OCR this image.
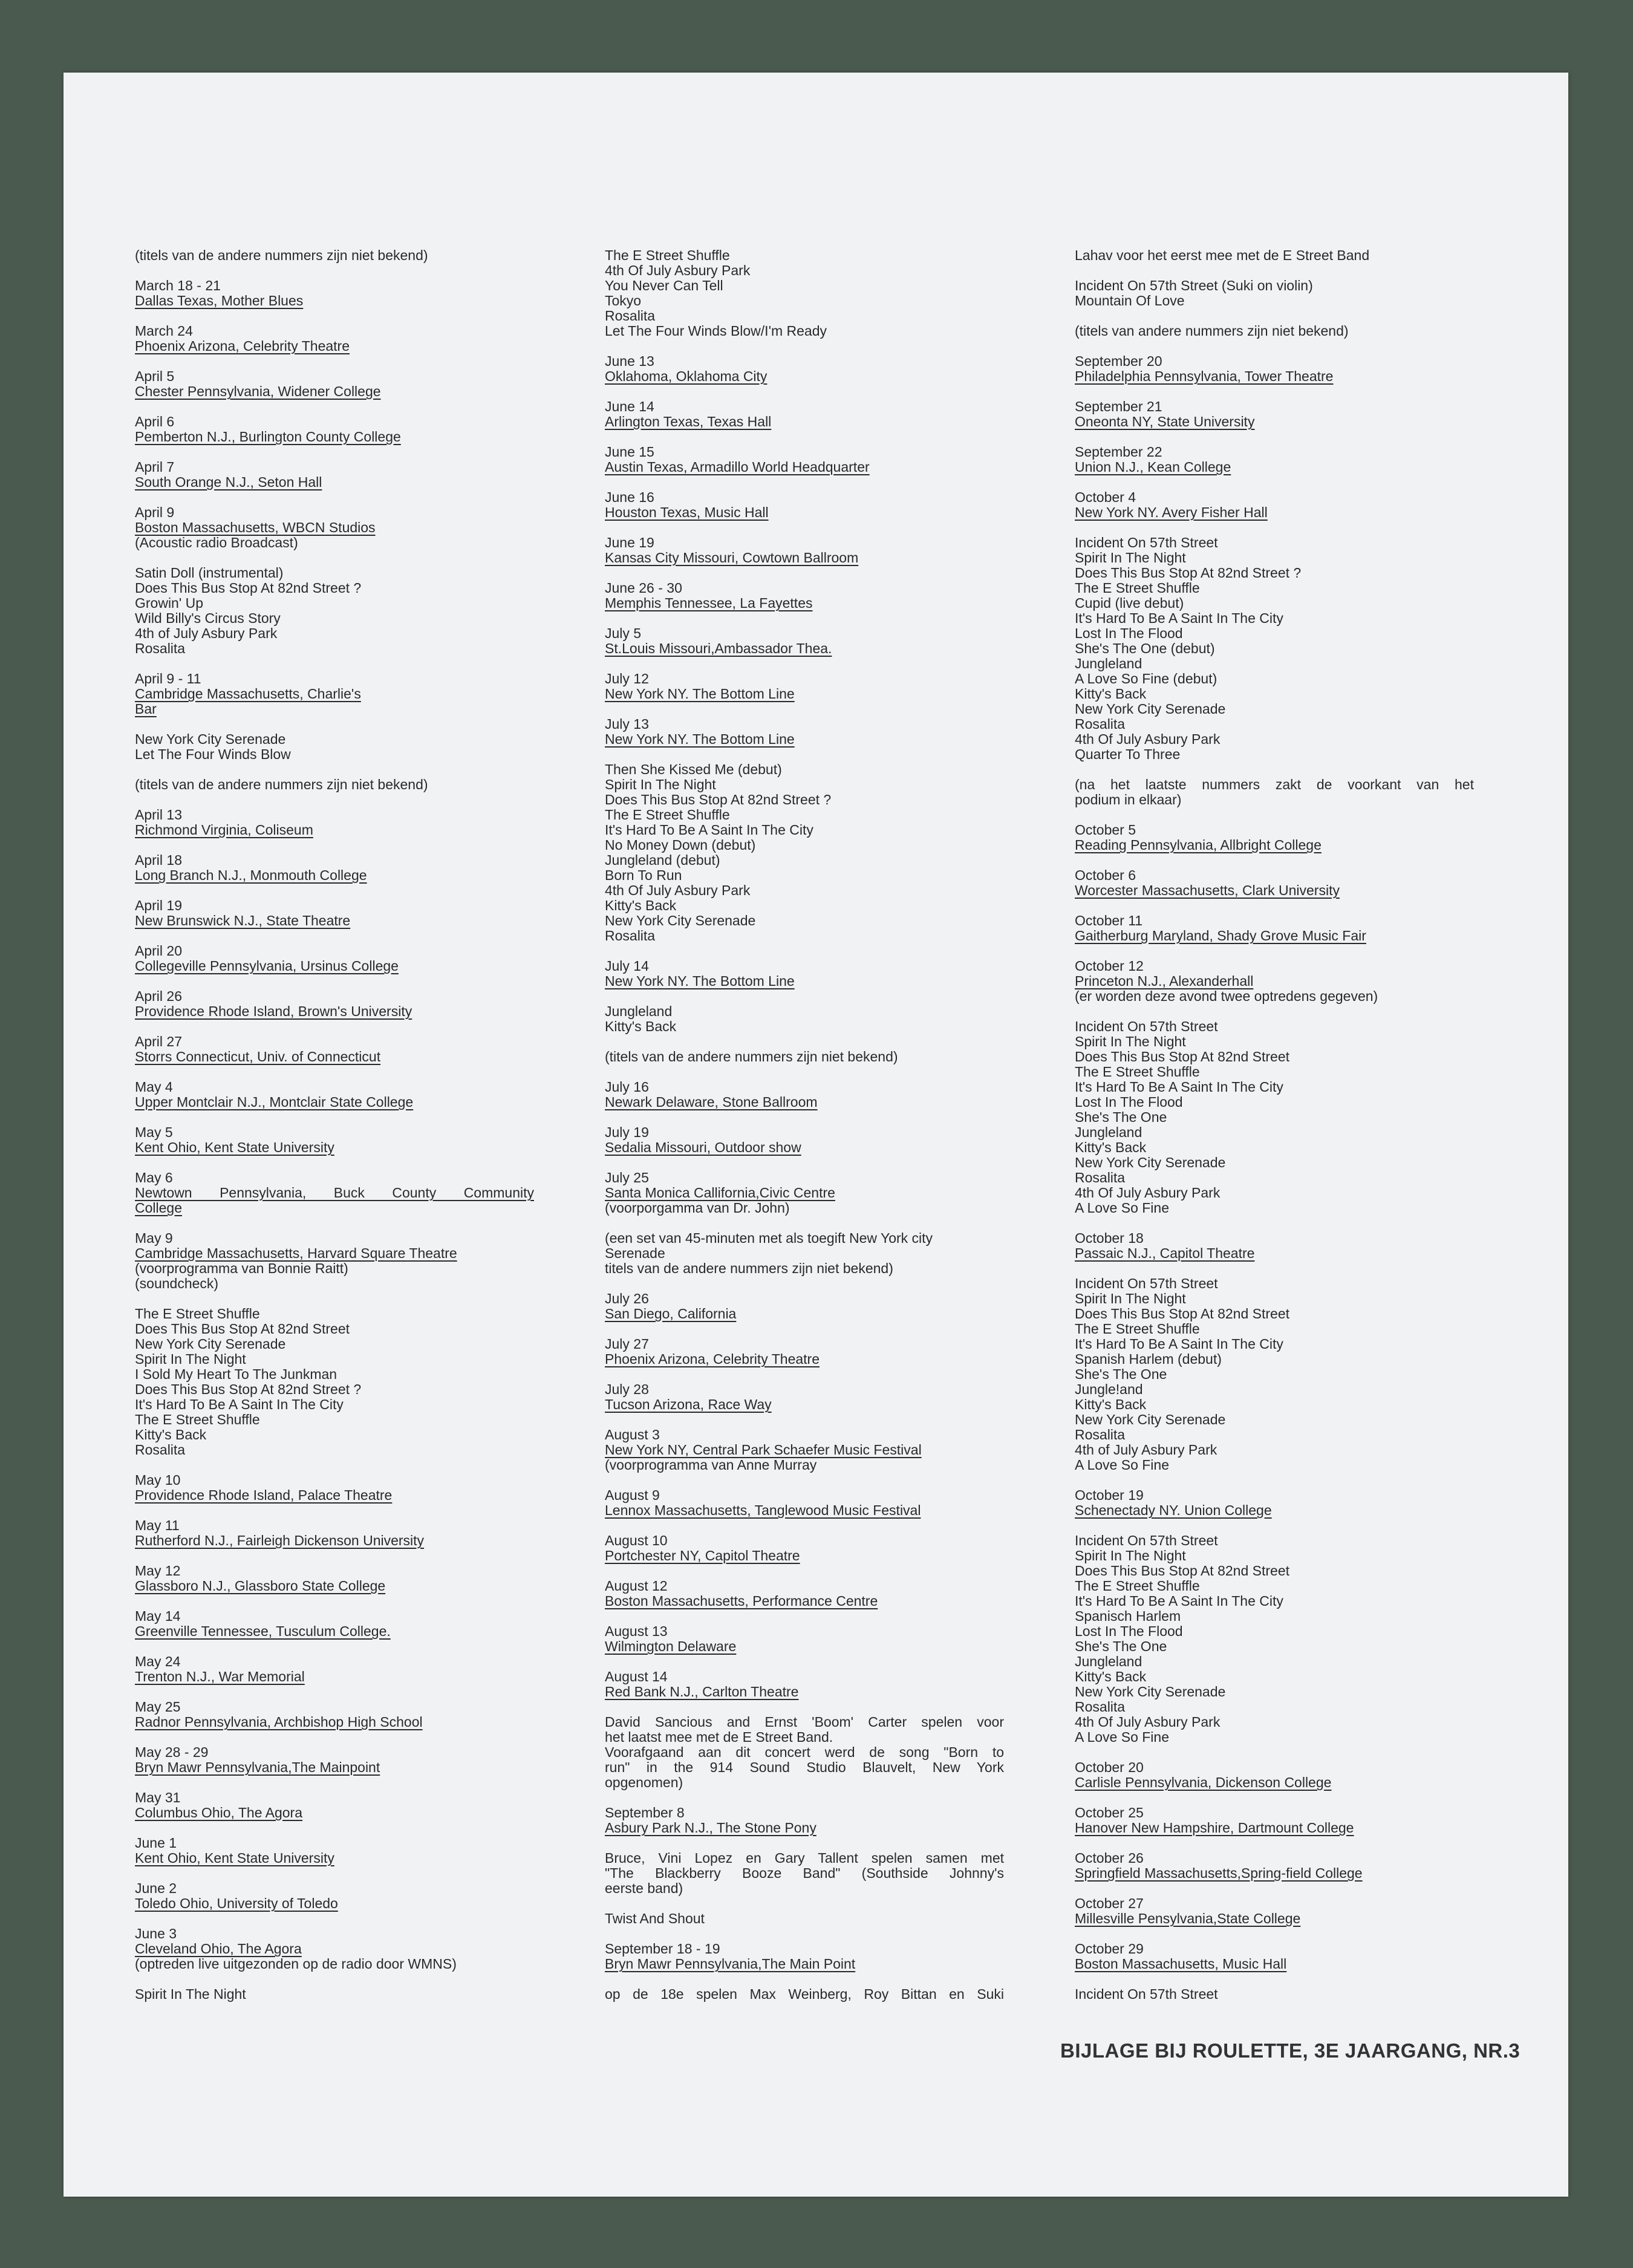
(titels van de andere nummers zijn niet bekend)
March 18 - 21
Dallas Texas, Mother Blues
March 24
Phoenix Arizona, Celebrity Theatre
April 5
Chester Pennsylvania, Widener College
April 6
Pemberton N.J., Burlington County College
April 7
South Orange N.J., Seton Hall
April 9
Boston Massachusetts, WBCN Studios
(Acoustic radio Broadcast)
Satin Doll (instrumental)
Does This Bus Stop At 82nd Street ?
Growin' Up
Wild Billy's Circus Story
4th of July Asbury Park
Rosalita
April 9 - 11
Cambridge Massachusetts, Charlie's
Bar
New York City Serenade
Let The Four Winds Blow
(titels van de andere nummers zijn niet bekend)
April 13
Richmond Virginia, Coliseum
April 18
Long Branch N.J., Monmouth College
April 19
New Brunswick N.J., State Theatre
April 20
Collegeville Pennsylvania, Ursinus College
April 26
Providence Rhode Island, Brown's University
April 27
Storrs Connecticut, Univ. of Connecticut
May 4
Upper Montclair N.J., Montclair State College
May 5
Kent Ohio, Kent State University
May 6
Newtown Pennsylvania, Buck County Community
College
May 9
Cambridge Massachusetts, Harvard Square Theatre
(voorprogramma van Bonnie Raitt)
(soundcheck)
The E Street Shuffle
Does This Bus Stop At 82nd Street
New York City Serenade
Spirit In The Night
I Sold My Heart To The Junkman
Does This Bus Stop At 82nd Street ?
It's Hard To Be A Saint In The City
The E Street Shuffle
Kitty's Back
Rosalita
May 10
Providence Rhode Island, Palace Theatre
May 11
Rutherford N.J., Fairleigh Dickenson University
May 12
Glassboro N.J., Glassboro State College
May 14
Greenville Tennessee, Tusculum College.
May 24
Trenton N.J., War Memorial
May 25
Radnor Pennsylvania, Archbishop High School
May 28 - 29
Bryn Mawr Pennsylvania,The Mainpoint
May 31
Columbus Ohio, The Agora
June 1
Kent Ohio, Kent State University
June 2
Toledo Ohio, University of Toledo
June 3
Cleveland Ohio, The Agora
(optreden live uitgezonden op de radio door WMNS)
Spirit In The Night
The E Street Shuffle
4th Of July Asbury Park
You Never Can Tell
Tokyo
Rosalita
Let The Four Winds Blow/I'm Ready
June 13
Oklahoma, Oklahoma City
June 14
Arlington Texas, Texas Hall
June 15
Austin Texas, Armadillo World Headquarter
June 16
Houston Texas, Music Hall
June 19
Kansas City Missouri, Cowtown Ballroom
June 26 - 30
Memphis Tennessee, La Fayettes
July 5
St.Louis Missouri,Ambassador Thea.
July 12
New York NY. The Bottom Line
July 13
New York NY. The Bottom Line
Then She Kissed Me (debut)
Spirit In The Night
Does This Bus Stop At 82nd Street ?
The E Street Shuffle
It's Hard To Be A Saint In The City
No Money Down (debut)
Jungleland (debut)
Born To Run
4th Of July Asbury Park
Kitty's Back
New York City Serenade
Rosalita
July 14
New York NY. The Bottom Line
Jungleland
Kitty's Back
(titels van de andere nummers zijn niet bekend)
July 16
Newark Delaware, Stone Ballroom
July 19
Sedalia Missouri, Outdoor show
July 25
Santa Monica Callifornia,Civic Centre
(voorporgamma van Dr. John)
(een set van 45-minuten met als toegift New York city
Serenade
titels van de andere nummers zijn niet bekend)
July 26
San Diego, California
July 27
Phoenix Arizona, Celebrity Theatre
July 28
Tucson Arizona, Race Way
August 3
New York NY, Central Park Schaefer Music Festival
(voorprogramma van Anne Murray
August 9
Lennox Massachusetts, Tanglewood Music Festival
August 10
Portchester NY, Capitol Theatre
August 12
Boston Massachusetts, Performance Centre
August 13
Wilmington Delaware
August 14
Red Bank N.J., Carlton Theatre
David Sancious and Ernst 'Boom' Carter spelen voor
het laatst mee met de E Street Band.
Voorafgaand aan dit concert werd de song "Born to
run" in the 914 Sound Studio Blauvelt, New York
opgenomen)
September 8
Asbury Park N.J., The Stone Pony
Bruce, Vini Lopez en Gary Tallent spelen samen met
"The Blackberry Booze Band" (Southside Johnny's
eerste band)
Twist And Shout
September 18 - 19
Bryn Mawr Pennsylvania,The Main Point
op de 18e spelen Max Weinberg, Roy Bittan en Suki
Lahav voor het eerst mee met de E Street Band
Incident On 57th Street (Suki on violin)
Mountain Of Love
(titels van andere nummers zijn niet bekend)
September 20
Philadelphia Pennsylvania, Tower Theatre
September 21
Oneonta NY, State University
September 22
Union N.J., Kean College
October 4
New York NY. Avery Fisher Hall
Incident On 57th Street
Spirit In The Night
Does This Bus Stop At 82nd Street ?
The E Street Shuffle
Cupid (live debut)
It's Hard To Be A Saint In The City
Lost In The Flood
She's The One (debut)
Jungleland
A Love So Fine (debut)
Kitty's Back
New York City Serenade
Rosalita
4th Of July Asbury Park
Quarter To Three
(na het laatste nummers zakt de voorkant van het
podium in elkaar)
October 5
Reading Pennsylvania, Allbright College
October 6
Worcester Massachusetts, Clark University
October 11
Gaitherburg Maryland, Shady Grove Music Fair
October 12
Princeton N.J., Alexanderhall
(er worden deze avond twee optredens gegeven)
Incident On 57th Street
Spirit In The Night
Does This Bus Stop At 82nd Street
The E Street Shuffle
It's Hard To Be A Saint In The City
Lost In The Flood
She's The One
Jungleland
Kitty's Back
New York City Serenade
Rosalita
4th Of July Asbury Park
A Love So Fine
October 18
Passaic N.J., Capitol Theatre
Incident On 57th Street
Spirit In The Night
Does This Bus Stop At 82nd Street
The E Street Shuffle
It's Hard To Be A Saint In The City
Spanish Harlem (debut)
She's The One
Jungle!and
Kitty's Back
New York City Serenade
Rosalita
4th of July Asbury Park
A Love So Fine
October 19
Schenectady NY. Union College
Incident On 57th Street
Spirit In The Night
Does This Bus Stop At 82nd Street
The E Street Shuffle
It's Hard To Be A Saint In The City
Spanisch Harlem
Lost In The Flood
She's The One
Jungleland
Kitty's Back
New York City Serenade
Rosalita
4th Of July Asbury Park
A Love So Fine
October 20
Carlisle Pennsylvania, Dickenson College
October 25
Hanover New Hampshire, Dartmount College
October 26
Springfield Massachusetts,Spring-field College
October 27
Millesville Pensylvania,State College
October 29
Boston Massachusetts, Music Hall
Incident On 57th Street
BIJLAGE BIJ ROULETTE, 3E JAARGANG, NR.3
